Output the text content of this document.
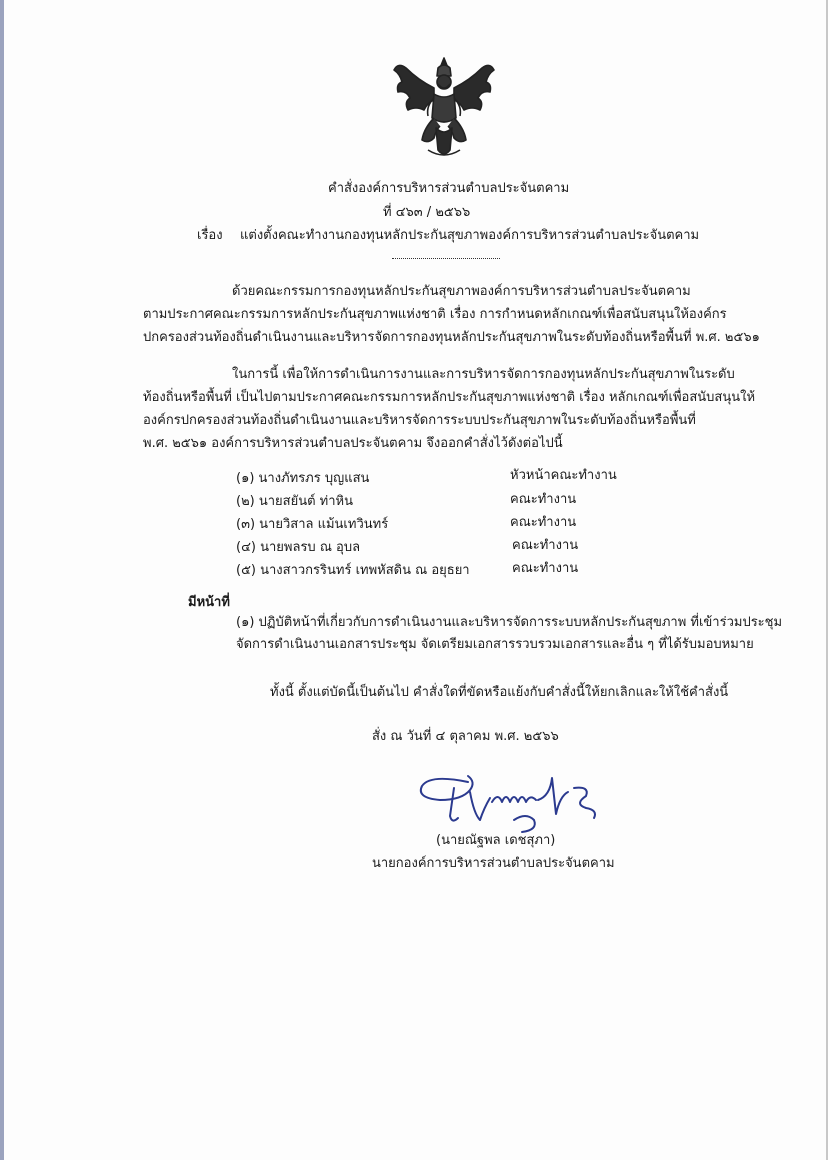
คำสั่งองค์การบริหารส่วนตำบลประจันตคาม
ที่ ๔๖๓ / ๒๕๖๖
เรื่อง แต่งตั้งคณะทำงานกองทุนหลักประกันสุขภาพองค์การบริหารส่วนตำบลประจันตคาม
ด้วยคณะกรรมการกองทุนหลักประกันสุขภาพองค์การบริหารส่วนตำบลประจันตคาม
ตามประกาศคณะกรรมการหลักประกันสุขภาพแห่งชาติ เรื่อง การกำหนดหลักเกณฑ์เพื่อสนับสนุนให้องค์กร
ปกครองส่วนท้องถิ่นดำเนินงานและบริหารจัดการกองทุนหลักประกันสุขภาพในระดับท้องถิ่นหรือพื้นที่ พ.ศ. ๒๕๖๑
ในการนี้ เพื่อให้การดำเนินการงานและการบริหารจัดการกองทุนหลักประกันสุขภาพในระดับ
ท้องถิ่นหรือพื้นที่ เป็นไปตามประกาศคณะกรรมการหลักประกันสุขภาพแห่งชาติ เรื่อง หลักเกณฑ์เพื่อสนับสนุนให้
องค์กรปกครองส่วนท้องถิ่นดำเนินงานและบริหารจัดการระบบประกันสุขภาพในระดับท้องถิ่นหรือพื้นที่
พ.ศ. ๒๕๖๑ องค์การบริหารส่วนตำบลประจันตคาม จึงออกคำสั่งไว้ดังต่อไปนี้
(๑) นางภัทรภร บุญแสน	หัวหน้าคณะทำงาน
(๒) นายสยันต์ ท่าหิน	คณะทำงาน
(๓) นายวิสาล แม้นเทวินทร์	คณะทำงาน
(๔) นายพลรบ ณ อุบล	คณะทำงาน
(๕) นางสาวกรรินทร์ เทพหัสดิน ณ อยุธยา	คณะทำงาน
มีหน้าที่
(๑) ปฏิบัติหน้าที่เกี่ยวกับการดำเนินงานและบริหารจัดการระบบหลักประกันสุขภาพ ที่เข้าร่วมประชุม
จัดการดำเนินงานเอกสารประชุม จัดเตรียมเอกสารรวบรวมเอกสารและอื่น ๆ ที่ได้รับมอบหมาย
ทั้งนี้ ตั้งแต่บัดนี้เป็นต้นไป คำสั่งใดที่ขัดหรือแย้งกับคำสั่งนี้ให้ยกเลิกและให้ใช้คำสั่งนี้
สั่ง ณ วันที่ ๔ ตุลาคม พ.ศ. ๒๕๖๖
(นายณัฐพล เดชสุภา)
นายกองค์การบริหารส่วนตำบลประจันตคาม
